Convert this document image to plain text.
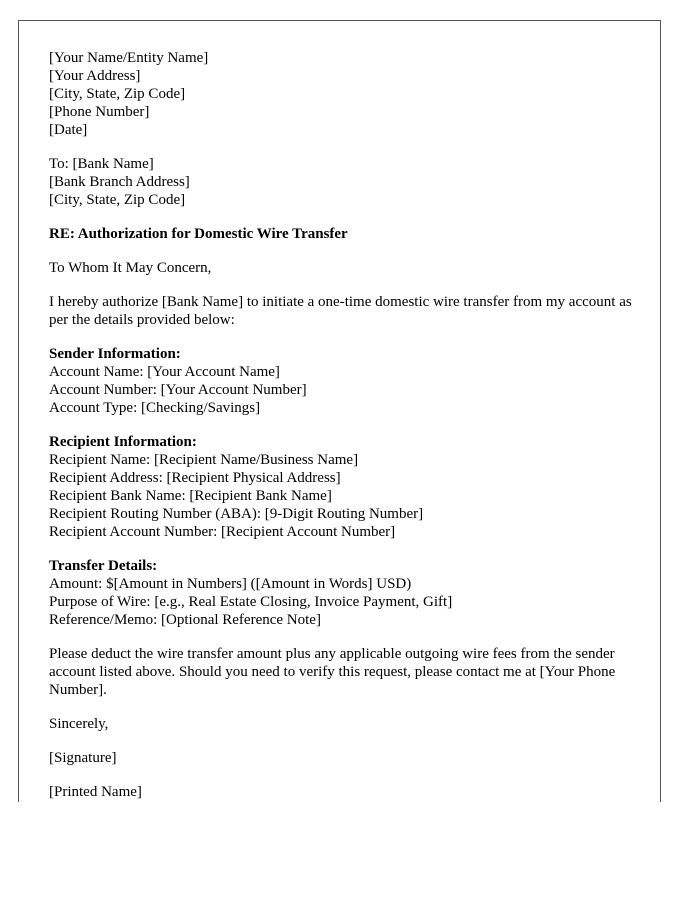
[Your Name/Entity Name]
[Your Address]
[City, State, Zip Code]
[Phone Number]
[Date]
To: [Bank Name]
[Bank Branch Address]
[City, State, Zip Code]

RE: Authorization for Domestic Wire Transfer

To Whom It May Concern,

I hereby authorize [Bank Name] to initiate a one-time domestic wire transfer from my account as per the details provided below:

Sender Information:
Account Name: [Your Account Name]
Account Number: [Your Account Number]
Account Type: [Checking/Savings]
Recipient Information:
Recipient Name: [Recipient Name/Business Name]
Recipient Address: [Recipient Physical Address]
Recipient Bank Name: [Recipient Bank Name]
Recipient Routing Number (ABA): [9-Digit Routing Number]
Recipient Account Number: [Recipient Account Number]
Transfer Details:
Amount: $[Amount in Numbers] ([Amount in Words] USD)
Purpose of Wire: [e.g., Real Estate Closing, Invoice Payment, Gift]
Reference/Memo: [Optional Reference Note]

Please deduct the wire transfer amount plus any applicable outgoing wire fees from the sender account listed above. Should you need to verify this request, please contact me at [Your Phone Number].

Sincerely,

[Signature]

[Printed Name]
